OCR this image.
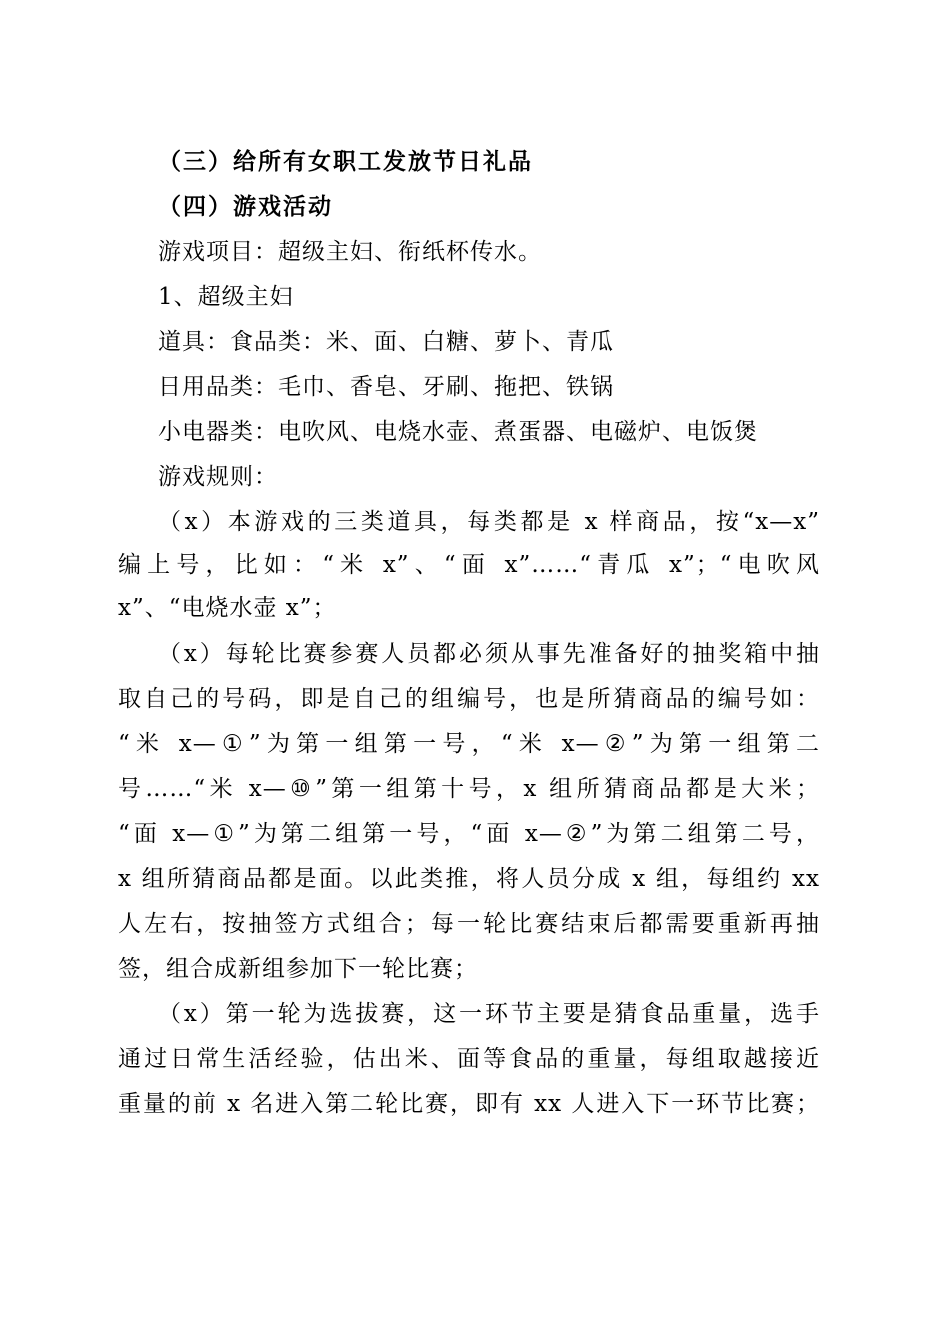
（三）给所有女职工发放节日礼品
（四）游戏活动
游戏项目：超级主妇、衔纸杯传水。
1、超级主妇
道具：食品类：米、面、白糖、萝卜、青瓜
日用品类：毛巾、香皂、牙刷、拖把、铁锅
小电器类：电吹风、电烧水壶、煮蛋器、电磁炉、电饭煲
游戏规则：
（x）本游戏的三类道具，每类都是 x 样商品，按“x—x”
编上号，比如：“米 x”、“面 x”……“青瓜 x”；“电吹风
x”、“电烧水壶 x”；
（x）每轮比赛参赛人员都必须从事先准备好的抽奖箱中抽
取自己的号码，即是自己的组编号，也是所猜商品的编号如：
“米 x—①”为第一组第一号，“米 x—②”为第一组第二
号……“米 x—⑩”第一组第十号，x 组所猜商品都是大米；
“面 x—①”为第二组第一号，“面 x—②”为第二组第二号，
x 组所猜商品都是面。以此类推，将人员分成 x 组，每组约 xx
人左右，按抽签方式组合；每一轮比赛结束后都需要重新再抽
签，组合成新组参加下一轮比赛；
（x）第一轮为选拔赛，这一环节主要是猜食品重量，选手
通过日常生活经验，估出米、面等食品的重量，每组取越接近
重量的前 x 名进入第二轮比赛，即有 xx 人进入下一环节比赛；
